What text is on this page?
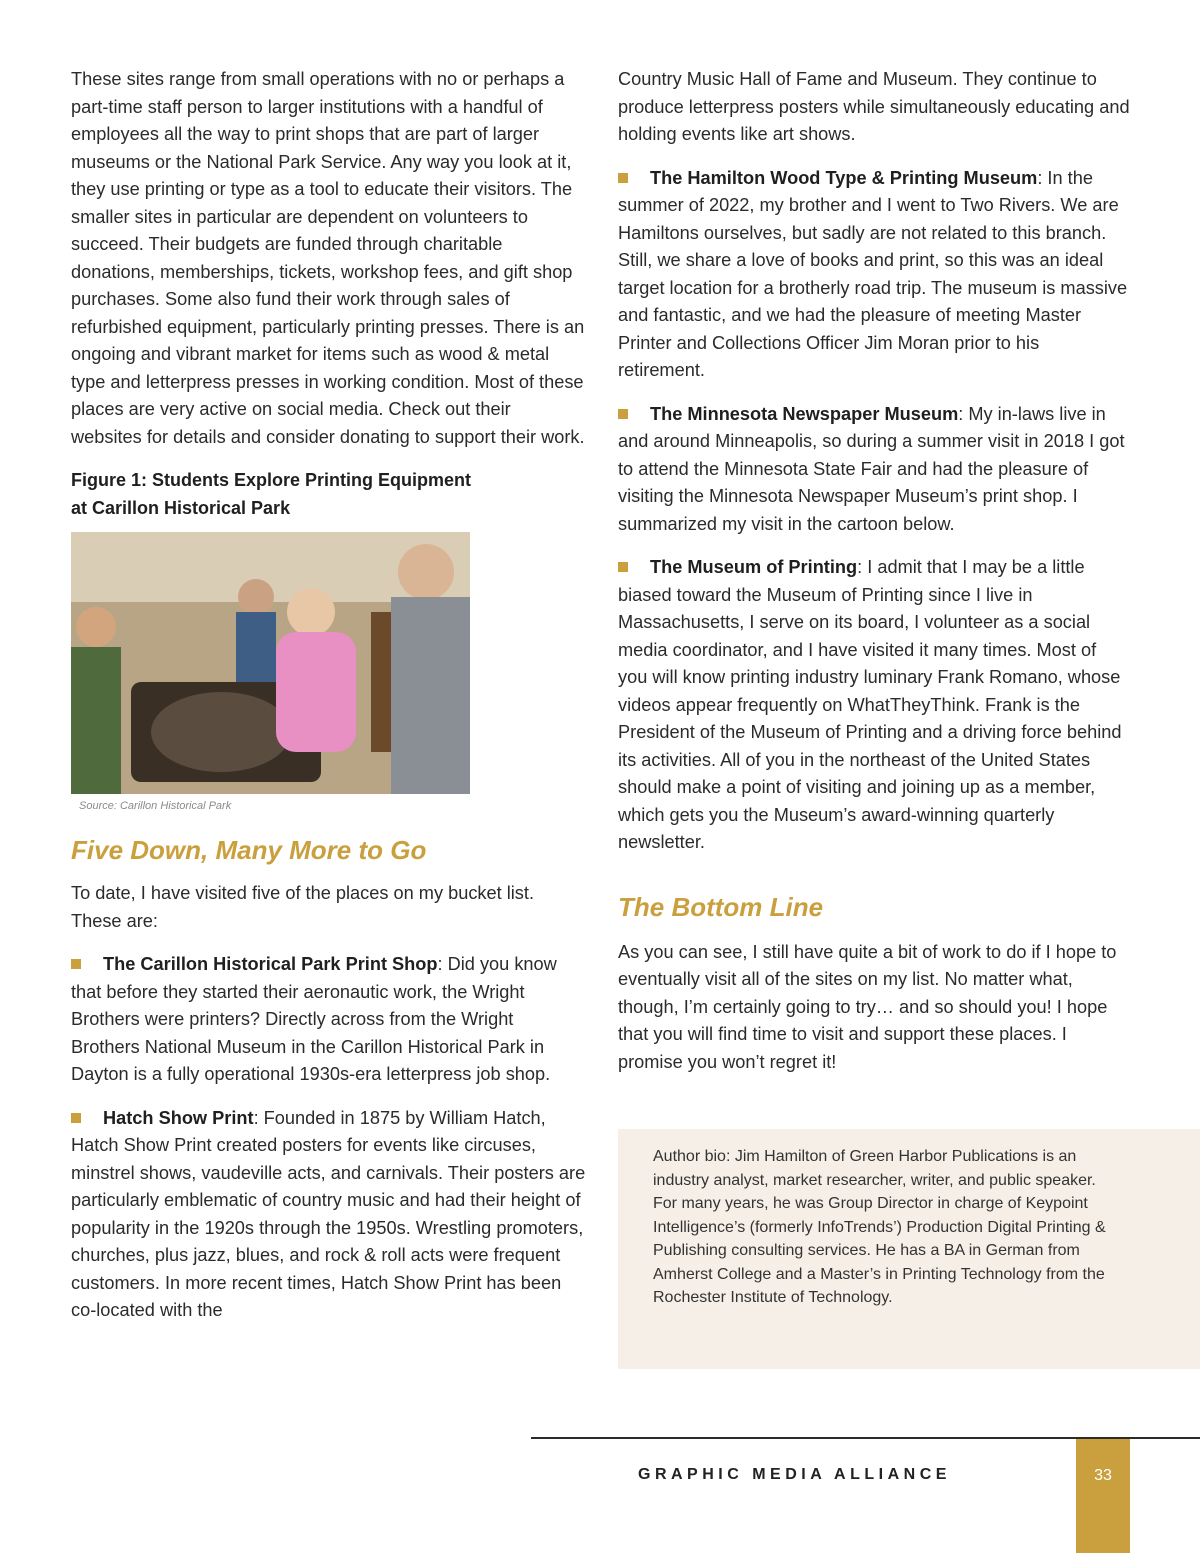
These sites range from small operations with no or perhaps a part-time staff person to larger institutions with a handful of employees all the way to print shops that are part of larger museums or the National Park Service. Any way you look at it, they use printing or type as a tool to educate their visitors. The smaller sites in particular are dependent on volunteers to succeed. Their budgets are funded through charitable donations, memberships, tickets, workshop fees, and gift shop purchases. Some also fund their work through sales of refurbished equipment, particularly printing presses. There is an ongoing and vibrant market for items such as wood & metal type and letterpress presses in working condition. Most of these places are very active on social media. Check out their websites for details and consider donating to support their work.

Figure 1: Students Explore Printing Equipment
at Carillon Historical Park
Source: Carillon Historical Park
Five Down, Many More to Go

To date, I have visited five of the places on my bucket list. These are:

The Carillon Historical Park Print Shop: Did you know that before they started their aeronautic work, the Wright Brothers were printers? Directly across from the Wright Brothers National Museum in the Carillon Historical Park in Dayton is a fully operational 1930s-era letterpress job shop.

Hatch Show Print: Founded in 1875 by William Hatch, Hatch Show Print created posters for events like circuses, minstrel shows, vaudeville acts, and carnivals. Their posters are particularly emblematic of country music and had their height of popularity in the 1920s through the 1950s. Wrestling promoters, churches, plus jazz, blues, and rock & roll acts were frequent customers. In more recent times, Hatch Show Print has been co-located with the

Country Music Hall of Fame and Museum. They continue to produce letterpress posters while simultaneously educating and holding events like art shows.

The Hamilton Wood Type & Printing Museum: In the summer of 2022, my brother and I went to Two Rivers. We are Hamiltons ourselves, but sadly are not related to this branch. Still, we share a love of books and print, so this was an ideal target location for a brotherly road trip. The museum is massive and fantastic, and we had the pleasure of meeting Master Printer and Collections Officer Jim Moran prior to his retirement.

The Minnesota Newspaper Museum: My in-laws live in and around Minneapolis, so during a summer visit in 2018 I got to attend the Minnesota State Fair and had the pleasure of visiting the Minnesota Newspaper Museum’s print shop. I summarized my visit in the cartoon below.

The Museum of Printing: I admit that I may be a little biased toward the Museum of Printing since I live in Massachusetts, I serve on its board, I volunteer as a social media coordinator, and I have visited it many times. Most of you will know printing industry luminary Frank Romano, whose videos appear frequently on WhatTheyThink. Frank is the President of the Museum of Printing and a driving force behind its activities. All of you in the northeast of the United States should make a point of visiting and joining up as a member, which gets you the Museum’s award-winning quarterly newsletter.

The Bottom Line

As you can see, I still have quite a bit of work to do if I hope to eventually visit all of the sites on my list. No matter what, though, I’m certainly going to try… and so should you! I hope that you will find time to visit and support these places. I promise you won’t regret it!

Author bio: Jim Hamilton of Green Harbor Publications is an industry analyst, market researcher, writer, and public speaker. For many years, he was Group Director in charge of Keypoint Intelligence’s (formerly InfoTrends’) Production Digital Printing & Publishing consulting services. He has a BA in German from Amherst College and a Master’s in Printing Technology from the Rochester Institute of Technology.
GRAPHIC MEDIA ALLIANCE	33
